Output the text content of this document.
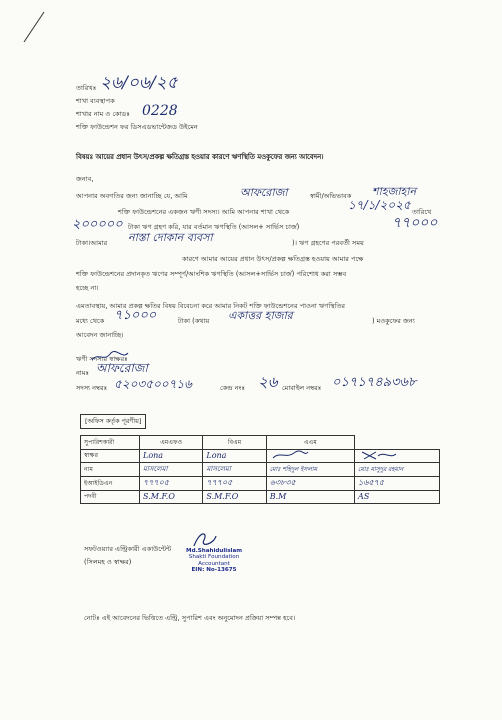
তারিখঃ ২৬/০৬/২৫
শাখা ব্যবস্থাপক
শাখার নাম ও কোডঃ 0228
শক্তি ফাউন্ডেশন ফর ডিসএডভান্টেজড উইমেন
বিষয়ঃ আয়ের প্রধান উৎস/প্রকল্প ক্ষতিগ্রস্ত হওয়ার কারণে ঋণস্থিতি মওকুফের জন্য আবেদন।
জনাব,
আপনার অবগতির জন্য জানাচ্ছি যে, আমি	আফরোজা	স্বামী/অভিভাবক শাহজাহান
শক্তি ফাউন্ডেশনের একজন ঋণী সদস্য। আমি আপনার শাখা থেকে	১৭/১/২০২৫ তারিখে
২০০০০০ টাকা ঋণ গ্রহণ করি, যার বর্তমান ঋণস্থিতি (আসল+ সার্ভিস চার্জ)	৭৭০০০
টাকা।আমার নাস্তা দোকান ব্যবসা	)। ঋণ গ্রহণের পরবর্তী সময়
কারণে আমার আয়ের প্রধান উৎস/প্রকল্প ক্ষতিগ্রস্ত হওয়ায় আমার পক্ষে
শক্তি ফাউন্ডেশনের প্রদানকৃত ঋণের সম্পূর্ণ/আংশিক ঋণস্থিতি (আসল+সার্ভিস চার্জ) পরিশোধ করা সম্ভব
হচ্ছে না।
এমতাবস্থায়, আমার প্রকল্প ক্ষতির বিষয় বিবেচনা করে আমার নিকট শক্তি ফাউন্ডেশনের পাওনা ঋণস্থিতির
মধ্যে থেকে ৭১০০০	টাকা (কথায় একাত্তর হাজার	) মওকুফের জন্য
আবেদন জানাচ্ছি।
ঋণী সদস্যর স্বাক্ষরঃ
নামঃ আফরোজা
সদস্য নম্বরঃ ৫২০৩৫০০৭১৬	কেন্দ্র নংঃ ২৬ মোবাইল নম্বরঃ ০১৭১৭৪৯৩৬৮
[অফিস কর্তৃক পূরণীয়]
সুপারিশকারী	এমএফও	বিএম	এএম	
স্বাক্ষর	Lona	Lona		
নাম	মাসলেমা	মাসলেমা	মোঃ শহিদুল ইসলাম	মোঃ মাসুদুর রহমান
ইআইডিএন	৭৭৭০৫	৭৭৭০৫	৬৩৮৩৫	১৬৫৭৫
পদবী	S.M.F.O	S.M.F.O	B.M	AS
সফটওয়্যার এন্ট্রিকারী একাউন্টেন্ট
(সিলমহ ও স্বাক্ষর)
Md.Shahidulislam
Shakti Foundation
Accountant
EIN: No-13675
নোটঃ এই আবেদনের ভিত্তিতে এন্ট্রি, সুপারিশ এবং অনুমোদন প্রক্রিয়া সম্পন্ন হবে।
